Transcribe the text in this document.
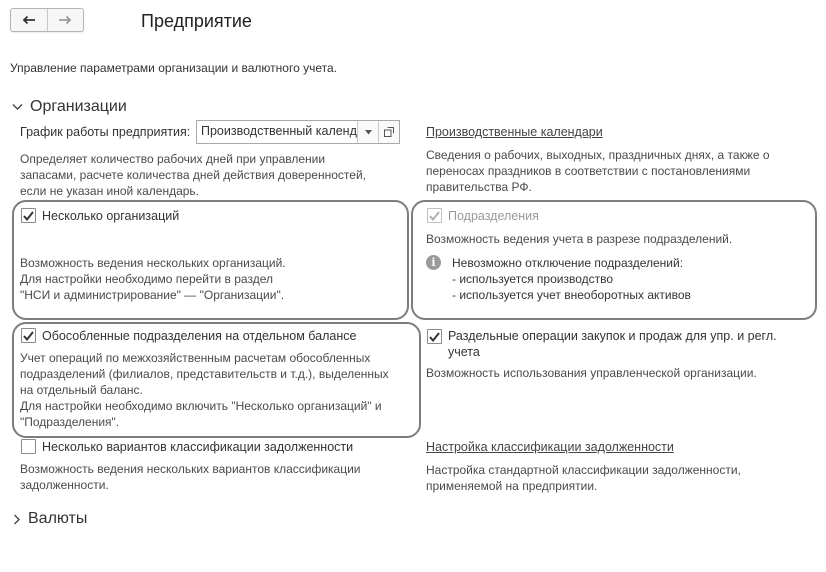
Предприятие
Управление параметрами организации и валютного учета.
Организации
График работы предприятия: Производственный календ	Производственные календари
Определяет количество рабочих дней при управлении
запасами, расчете количества дней действия доверенностей,
если не указан иной календарь.
Сведения о рабочих, выходных, праздничных днях, а также о
переносах праздников в соответствии с постановлениями
правительства РФ.
Несколько организаций
Возможность ведения нескольких организаций.
Для настройки необходимо перейти в раздел
"НСИ и администрирование" — "Организации".
Подразделения
Возможность ведения учета в разрезе подразделений.
i	Невозможно отключение подразделений:
- используется производство
- используется учет внеоборотных активов
Обособленные подразделения на отдельном балансе
Учет операций по межхозяйственным расчетам обособленных
подразделений (филиалов, представительств и т.д.), выделенных
на отдельный баланс.
Для настройки необходимо включить "Несколько организаций" и
"Подразделения".
Раздельные операции закупок и продаж для упр. и регл.
учета
Возможность использования управленческой организации.
Несколько вариантов классификации задолженности
Возможность ведения нескольких вариантов классификации
задолженности.
Настройка классификации задолженности
Настройка стандартной классификации задолженности,
применяемой на предприятии.
Валюты
